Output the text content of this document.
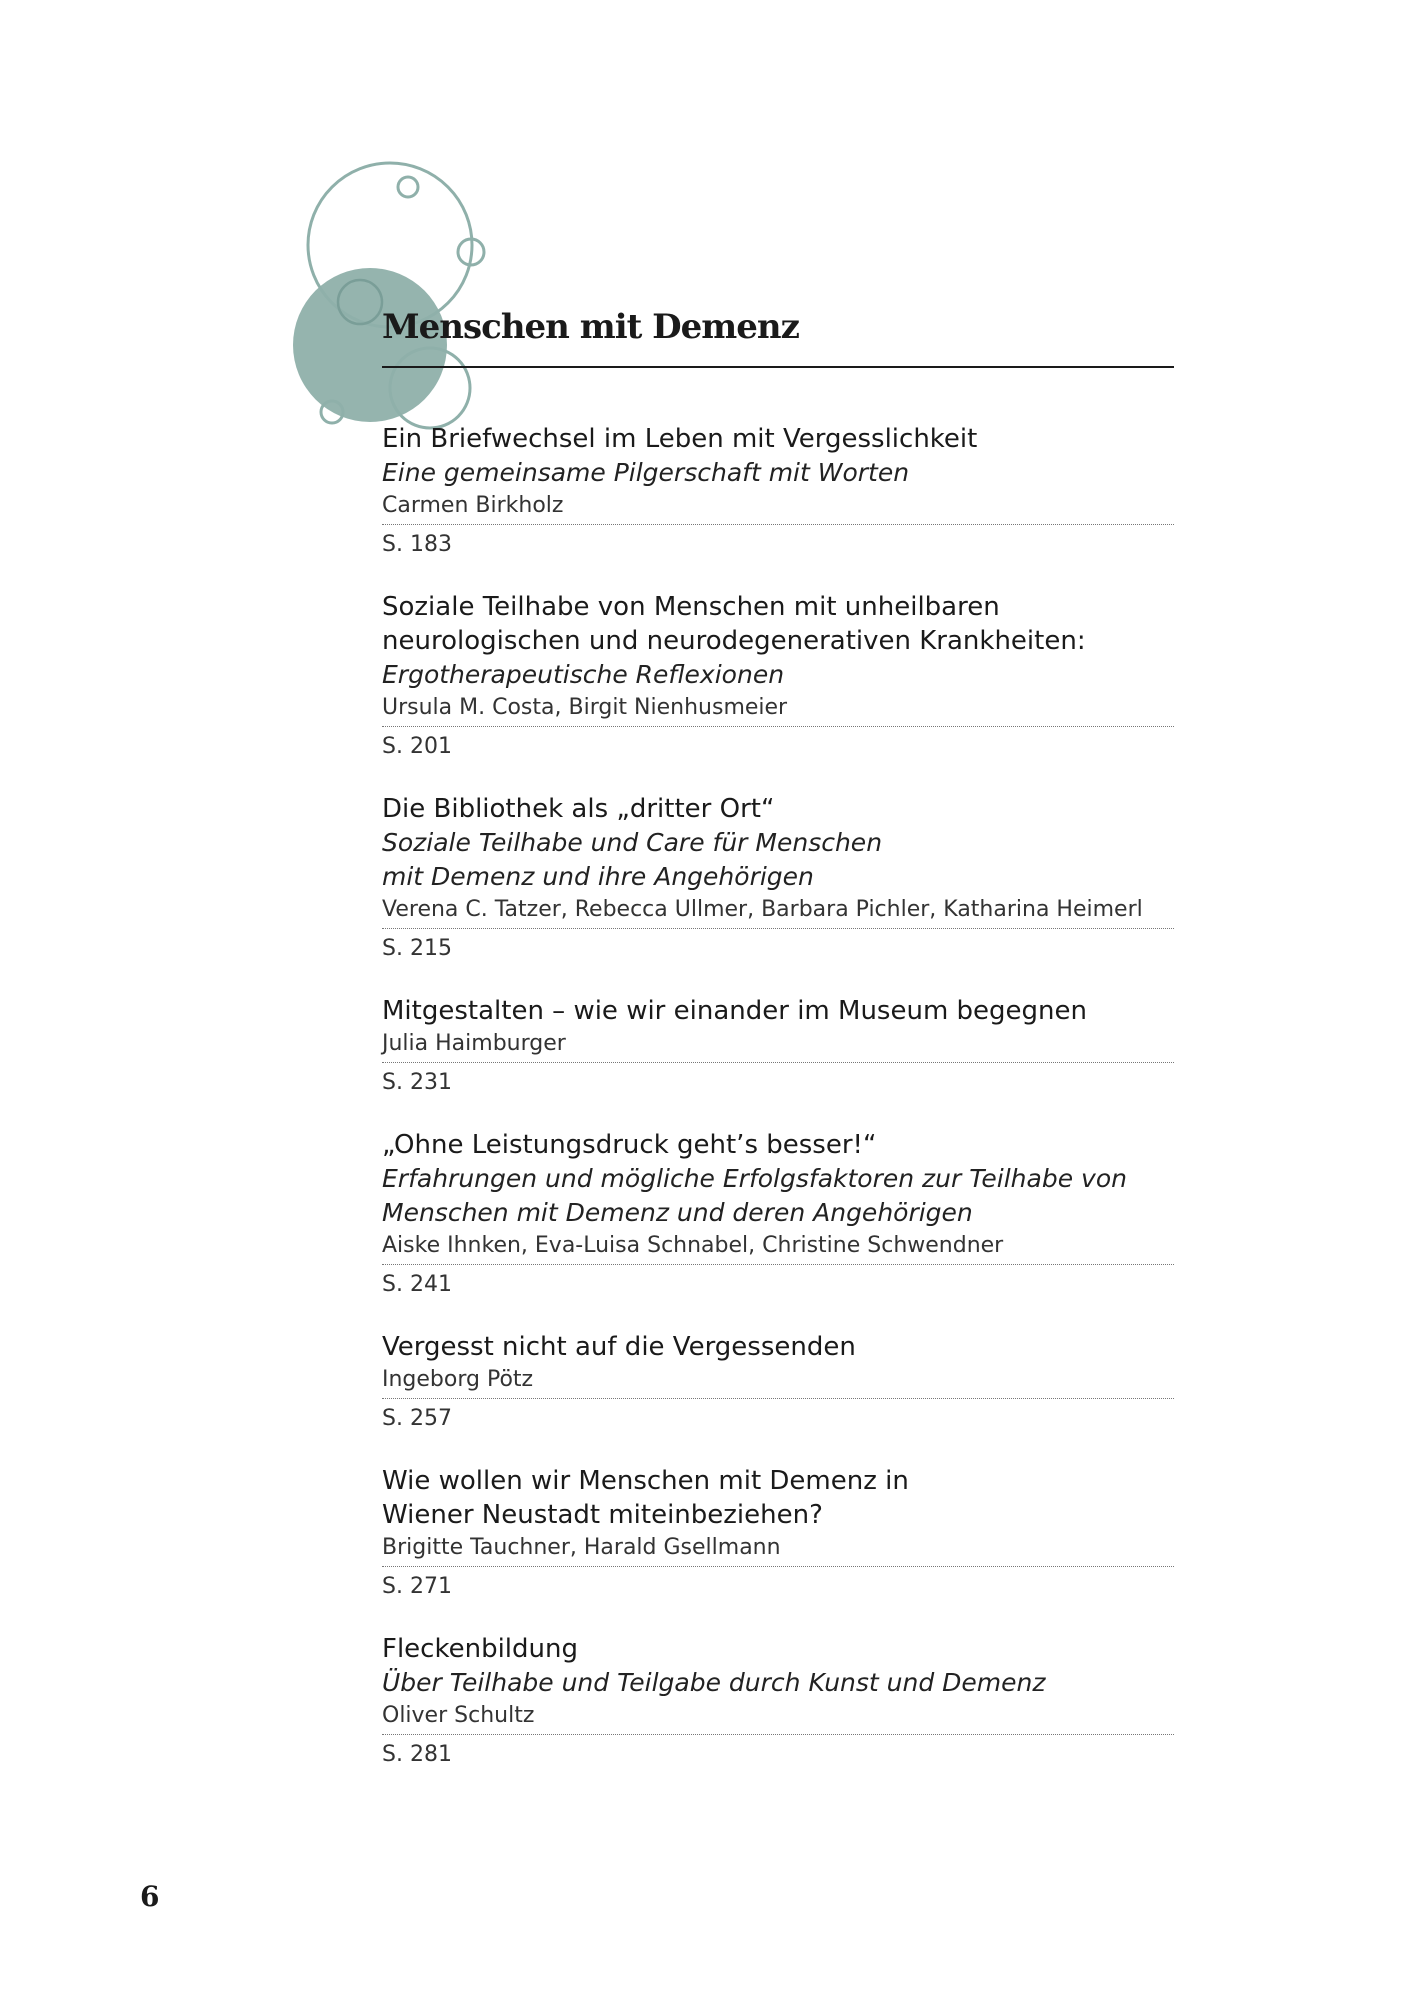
Menschen mit Demenz
Ein Briefwechsel im Leben mit Vergesslichkeit
Eine gemeinsame Pilgerschaft mit Worten
Carmen Birkholz
S. 183
Soziale Teilhabe von Menschen mit unheilbaren
neurologischen und neurodegenerativen Krankheiten:
Ergotherapeutische Reflexionen
Ursula M. Costa, Birgit Nienhusmeier
S. 201
Die Bibliothek als „dritter Ort“
Soziale Teilhabe und Care für Menschen
mit Demenz und ihre Angehörigen
Verena C. Tatzer, Rebecca Ullmer, Barbara Pichler, Katharina Heimerl
S. 215
Mitgestalten – wie wir einander im Museum begegnen
Julia Haimburger
S. 231
„Ohne Leistungsdruck geht’s besser!“
Erfahrungen und mögliche Erfolgsfaktoren zur Teilhabe von
Menschen mit Demenz und deren Angehörigen
Aiske Ihnken, Eva-Luisa Schnabel, Christine Schwendner
S. 241
Vergesst nicht auf die Vergessenden
Ingeborg Pötz
S. 257
Wie wollen wir Menschen mit Demenz in
Wiener Neustadt miteinbeziehen?
Brigitte Tauchner, Harald Gsellmann
S. 271
Fleckenbildung
Über Teilhabe und Teilgabe durch Kunst und Demenz
Oliver Schultz
S. 281
6
